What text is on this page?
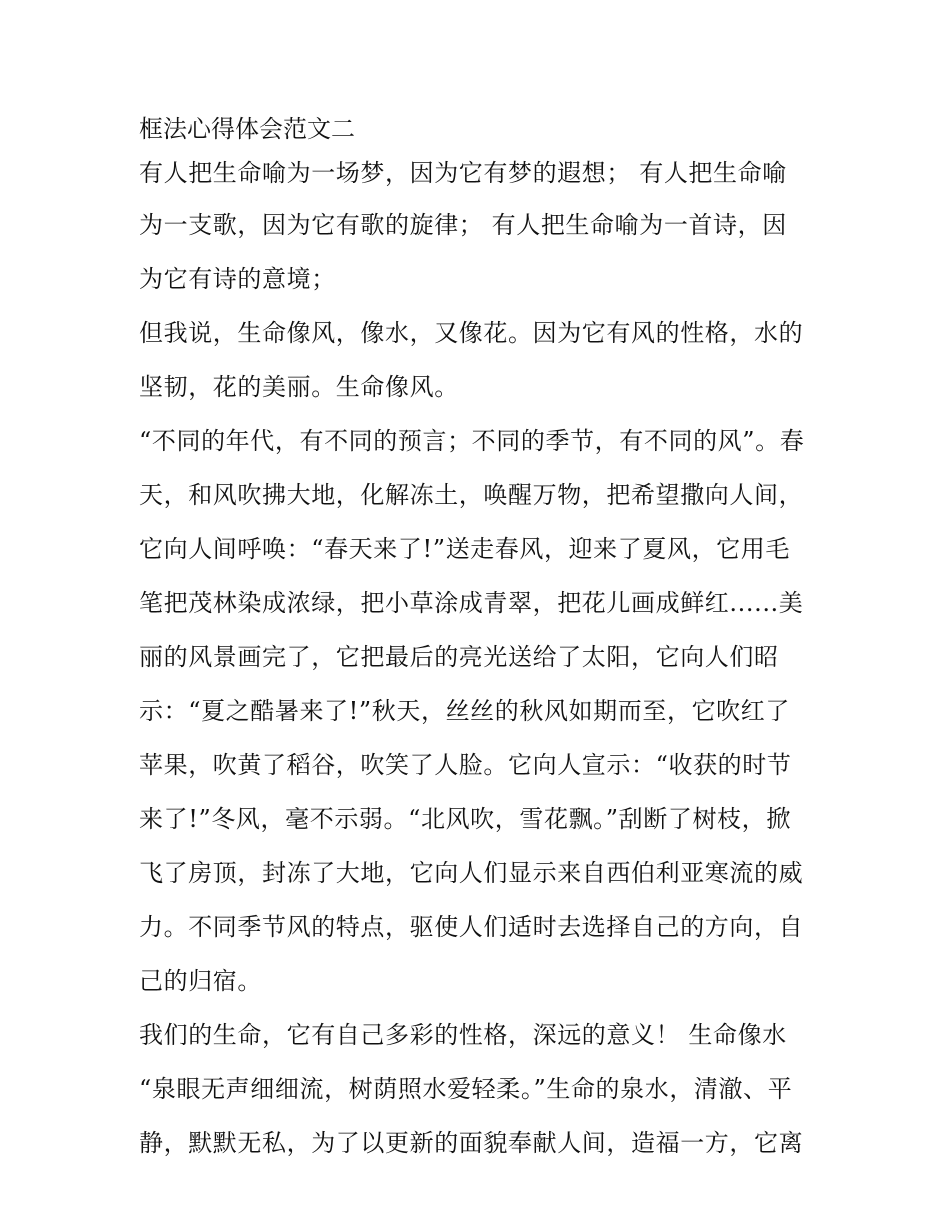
框法心得体会范文二

有人把生命喻为一场梦，因为它有梦的遐想； 有人把生命喻
为一支歌，因为它有歌的旋律； 有人把生命喻为一首诗，因
为它有诗的意境；

但我说，生命像风，像水，又像花。因为它有风的性格，水的
坚韧，花的美丽。生命像风。

“不同的年代，有不同的预言；不同的季节，有不同的风”。春
天，和风吹拂大地，化解冻土，唤醒万物，把希望撒向人间，
它向人间呼唤：“春天来了!”送走春风，迎来了夏风，它用毛
笔把茂林染成浓绿，把小草涂成青翠，把花儿画成鲜红......美
丽的风景画完了，它把最后的亮光送给了太阳，它向人们昭
示：“夏之酷暑来了!”秋天，丝丝的秋风如期而至，它吹红了
苹果，吹黄了稻谷，吹笑了人脸。它向人宣示：“收获的时节
来了!”冬风，毫不示弱。“北风吹，雪花飘。”刮断了树枝，掀
飞了房顶，封冻了大地，它向人们显示来自西伯利亚寒流的威
力。不同季节风的特点，驱使人们适时去选择自己的方向，自
己的归宿。

我们的生命，它有自己多彩的性格，深远的意义！ 生命像水

“泉眼无声细细流，树荫照水爱轻柔。”生命的泉水，清澈、平
静，默默无私，为了以更新的面貌奉献人间，造福一方，它离
